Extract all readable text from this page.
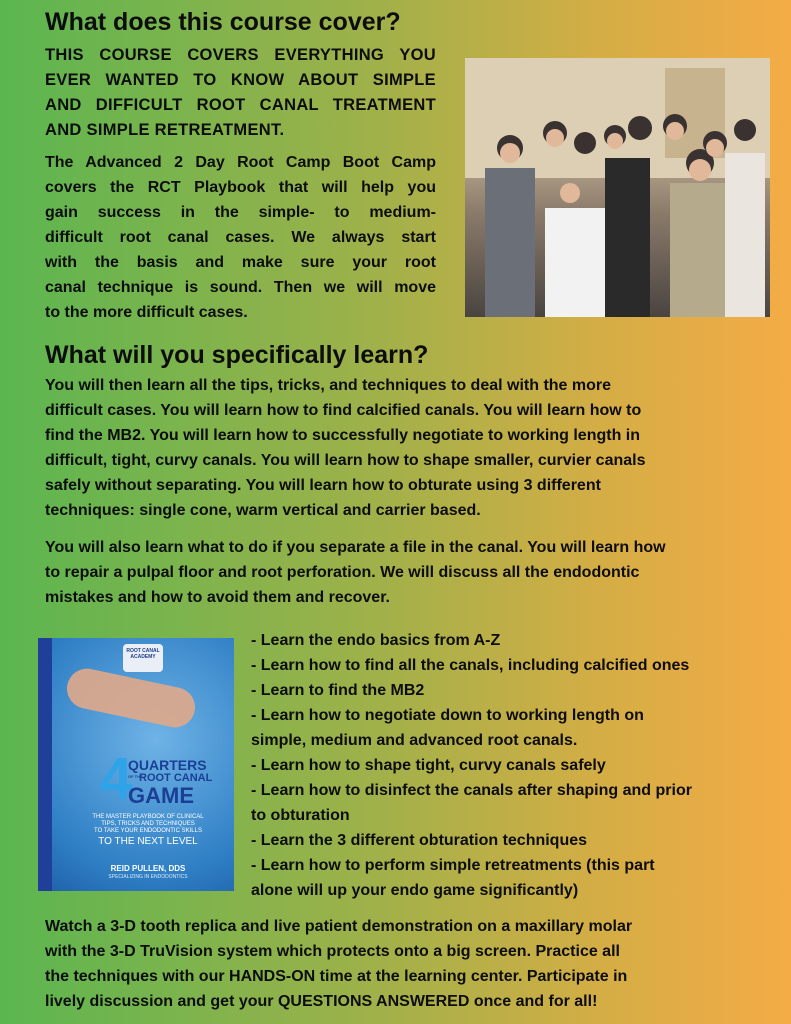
What does this course cover?
THIS COURSE COVERS EVERYTHING YOU
EVER WANTED TO KNOW ABOUT SIMPLE
AND DIFFICULT ROOT CANAL TREATMENT
AND SIMPLE RETREATMENT.
The Advanced 2 Day Root Camp Boot Camp
covers the RCT Playbook that will help you
gain success in the simple- to medium-
difficult root canal cases. We always start
with the basis and make sure your root
canal technique is sound. Then we will move
to the more difficult cases.
What will you specifically learn?
You will then learn all the tips, tricks, and techniques to deal with the more
difficult cases. You will learn how to find calcified canals. You will learn how to
find the MB2. You will learn how to successfully negotiate to working length in
difficult, tight, curvy canals. You will learn how to shape smaller, curvier canals
safely without separating. You will learn how to obturate using 3 different
techniques: single cone, warm vertical and carrier based.
You will also learn what to do if you separate a file in the canal. You will learn how
to repair a pulpal floor and root perforation. We will discuss all the endodontic
mistakes and how to avoid them and recover.
ROOT CANAL ACADEMY
4
QUARTERS
OF THE
ROOT CANAL
GAME
THE MASTER PLAYBOOK OF CLINICAL
TIPS, TRICKS AND TECHNIQUES
TO TAKE YOUR ENDODONTIC SKILLS
TO THE NEXT LEVEL
REID PULLEN, DDS
SPECIALIZING IN ENDODONTICS
- Learn the endo basics from A-Z
- Learn how to find all the canals, including calcified ones
- Learn to find the MB2
- Learn how to negotiate down to working length on
simple, medium and advanced root canals.
- Learn how to shape tight, curvy canals safely
- Learn how to disinfect the canals after shaping and prior
to obturation
- Learn the 3 different obturation techniques
- Learn how to perform simple retreatments (this part
alone will up your endo game significantly)
Watch a 3-D tooth replica and live patient demonstration on a maxillary molar
with the 3-D TruVision system which protects onto a big screen. Practice all
the techniques with our HANDS-ON time at the learning center. Participate in
lively discussion and get your QUESTIONS ANSWERED once and for all!
